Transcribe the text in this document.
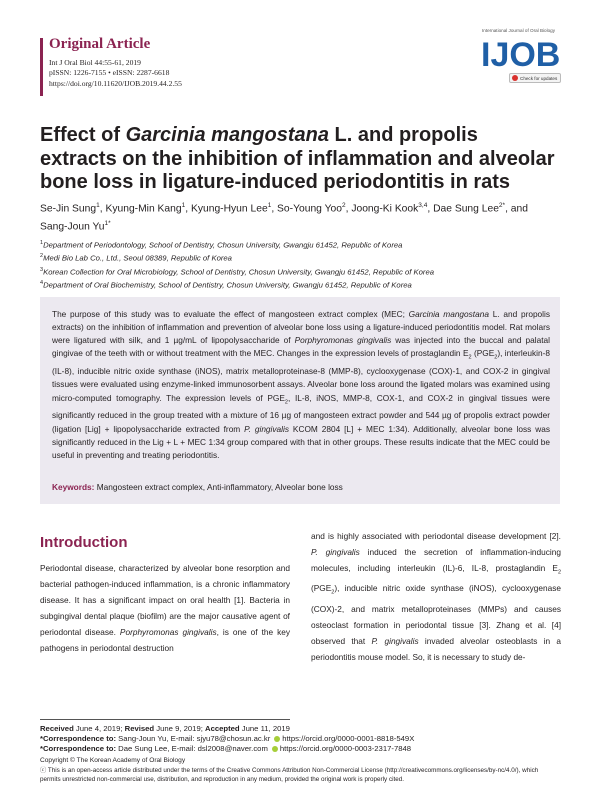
Original Article
Int J Oral Biol 44:55-61, 2019
pISSN: 1226-7155 • eISSN: 2287-6618
https://doi.org/10.11620/IJOB.2019.44.2.55
International Journal of Oral Biology
IJOB
Check for updates
Effect of Garcinia mangostana L. and propolis extracts on the inhibition of inflammation and alveolar bone loss in ligature-induced periodontitis in rats
Se-Jin Sung$^1$, Kyung-Min Kang$^1$, Kyung-Hyun Lee$^1$, So-Young Yoo$^2$, Joong-Ki Kook$^{3,4}$, Dae Sung Lee$^{2*}$, and
Sang-Joun $Yu^{1*}$
$^1$Department of Periodontology, School of Dentistry, Chosun University, Gwangju 61452, Republic of Korea
$^2$Medi Bio Lab Co., Ltd., Seoul 08389, Republic of Korea
$^3$Korean Collection for Oral Microbiology, School of Dentistry, Chosun University, Gwangju 61452, Republic of Korea
$^4$Department of Oral Biochemistry, School of Dentistry, Chosun University, Gwangju 61452, Republic of Korea

The purpose of this study was to evaluate the effect of mangosteen extract complex (MEC; Garcinia mangostana L. and propolis extracts) on the inhibition of inflammation and prevention of alveolar bone loss using a ligature-induced periodontitis model. Rat molars were ligatured with silk, and 1 µg/mL of lipopolysaccharide of Porphyromonas gingivalis was injected into the buccal and palatal gingivae of the teeth with or without treatment with the MEC. Changes in the expression levels of prostaglandin $E_2$ $(PGE_2)$, interleukin-8 (IL-8), inducible nitric oxide synthase (iNOS), matrix metalloproteinase-8 (MMP-8), cyclooxygenase (COX)-1, and COX-2 in gingival tissues were evaluated using enzyme-linked immunosorbent assays. Alveolar bone loss around the ligated molars was examined using micro-computed tomography. The expression levels of $PGE_2$, IL-8, iNOS, MMP-8, COX-1, and COX-2 in gingival tissues were significantly reduced in the group treated with a mixture of 16 µg of mangosteen extract powder and 544 µg of propolis extract powder (ligation [Lig] + lipopolysaccharide extracted from P. gingivalis KCOM 2804 [L] + MEC 1:34). Additionally, alveolar bone loss was significantly reduced in the Lig + L + MEC 1:34 group compared with that in other groups. These results indicate that the MEC could be useful in preventing and treating periodontitis.

Keywords: Mangosteen extract complex, Anti-inflammatory, Alveolar bone loss
Introduction

Periodontal disease, characterized by alveolar bone resorption and bacterial pathogen-induced inflammation, is a chronic inflammatory disease. It has a significant impact on oral health [1]. Bacteria in subgingival dental plaque (biofilm) are the major causative agent of periodontal disease. Porphyromonas gingivalis, is one of the key pathogens in periodontal destruction

and is highly associated with periodontal disease development [2]. P. gingivalis induced the secretion of inflammation-inducing molecules, including interleukin (IL)-6, IL-8, prostaglandin $E_2$ $(PGE_2)$, inducible nitric oxide synthase (iNOS), cyclooxygenase (COX)-2, and matrix metalloproteinases (MMPs) and causes osteoclast formation in periodontal tissue [3]. Zhang et al. [4] observed that P. gingivalis invaded alveolar osteoblasts in a periodontitis mouse model. So, it is necessary to study de-

Received June 4, 2019; Revised June 9, 2019; Accepted June 11, 2019
*Correspondence to: Sang-Joun Yu, E-mail: sjyu78@chosun.ac.kr https://orcid.org/0000-0001-8818-549X
*Correspondence to: Dae Sung Lee, E-mail: dsl2008@naver.com https://orcid.org/0000-0003-2317-7848
Copyright © The Korean Academy of Oral Biology
ⓒ This is an open-access article distributed under the terms of the Creative Commons Attribution Non-Commercial License (http://creativecommons.org/licenses/by-nc/4.0/), which permits unrestricted non-commercial use, distribution, and reproduction in any medium, provided the original work is properly cited.
